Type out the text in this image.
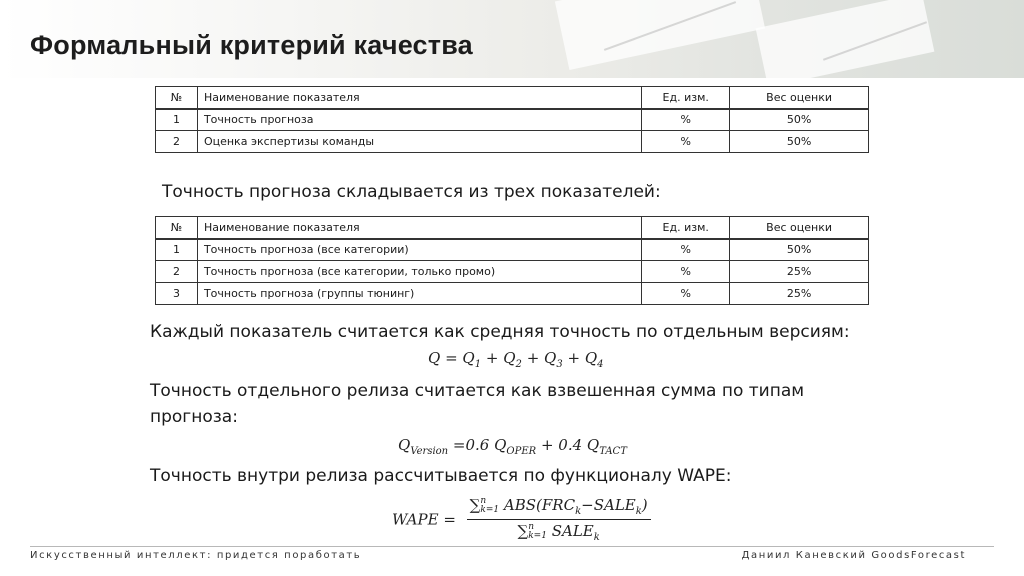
Формальный критерий качества
№	Наименование показателя	Ед. изм.	Вес оценки
1	Точность прогноза	%	50%
2	Оценка экспертизы команды	%	50%
Точность прогноза складывается из трех показателей:
№	Наименование показателя	Ед. изм.	Вес оценки
1	Точность прогноза (все категории)	%	50%
2	Точность прогноза (все категории, только промо)	%	25%
3	Точность прогноза (группы тюнинг)	%	25%
Каждый показатель считается как средняя точность по отдельным версиям:
$Q = Q_1 + Q_2 + Q_3 + Q_4$
Точность отдельного релиза считается как взвешенная сумма по типам
прогноза:
$Q_{Version} =0.6$ $Q_{OPER} + 0.4$ $Q_{TACT}$
Точность внутри релиза рассчитывается по функционалу WAPE:
WAPE =
∑n
k=1 $ABS(FRC_k-SALE_k)$
∑n
k=1 $SALE_k$
Искусственный интеллект: придется поработать	Даниил Каневский GoodsForecast
